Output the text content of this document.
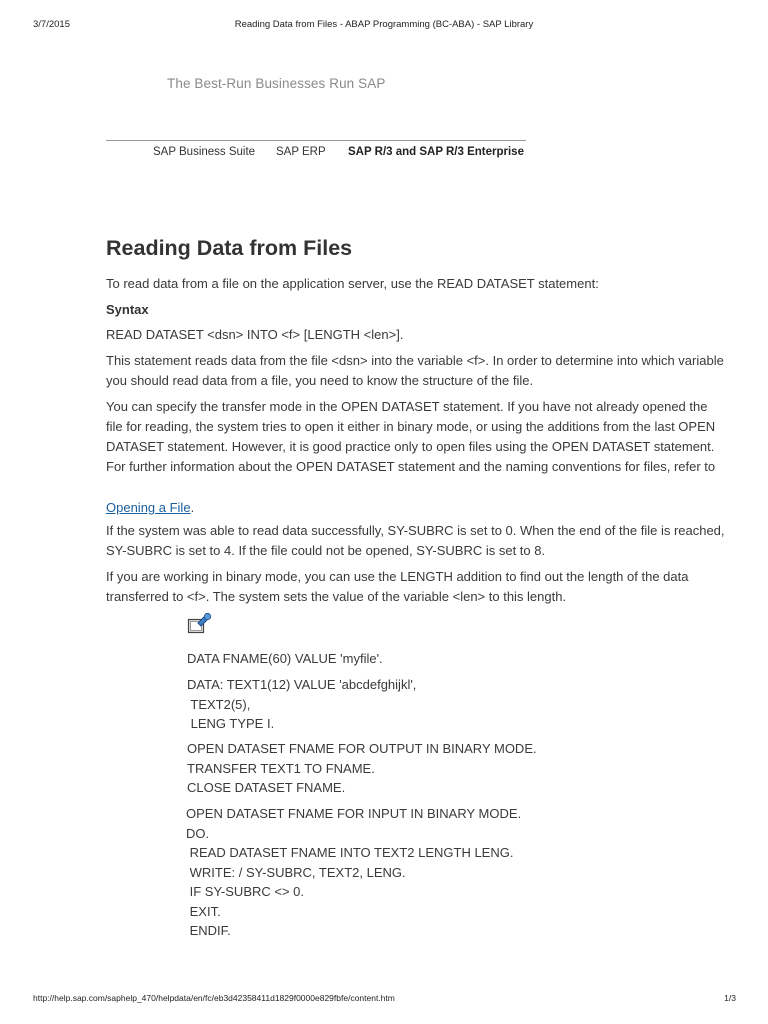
3/7/2015	Reading Data from Files - ABAP Programming (BC-ABA) - SAP Library
The Best-Run Businesses Run SAP
SAP Business Suite SAP ERP SAP R/3 and SAP R/3 Enterprise
Reading Data from Files
To read data from a file on the application server, use the READ DATASET statement:
Syntax
READ DATASET <dsn> INTO <f> [LENGTH <len>].
This statement reads data from the file <dsn> into the variable <f>. In order to determine into which variable you should read data from a file, you need to know the structure of the file.
You can specify the transfer mode in the OPEN DATASET statement. If you have not already opened the file for reading, the system tries to open it either in binary mode, or using the additions from the last OPEN DATASET statement. However, it is good practice only to open files using the OPEN DATASET statement. For further information about the OPEN DATASET statement and the naming conventions for files, refer to
Opening a File.
If the system was able to read data successfully, SY-SUBRC is set to 0. When the end of the file is reached, SY-SUBRC is set to 4. If the file could not be opened, SY-SUBRC is set to 8.
If you are working in binary mode, you can use the LENGTH addition to find out the length of the data transferred to <f>. The system sets the value of the variable <len> to this length.

DATA FNAME(60) VALUE 'myfile'.

DATA: TEXT1(12) VALUE 'abcdefghijkl',

TEXT2(5),

LENG TYPE I.

OPEN DATASET FNAME FOR OUTPUT IN BINARY MODE.

TRANSFER TEXT1 TO FNAME.

CLOSE DATASET FNAME.

OPEN DATASET FNAME FOR INPUT IN BINARY MODE.

DO.

READ DATASET FNAME INTO TEXT2 LENGTH LENG.

WRITE: / SY-SUBRC, TEXT2, LENG.

IF SY-SUBRC <> 0.

EXIT.

ENDIF.

http://help.sap.com/saphelp_470/helpdata/en/fc/eb3d42358411d1829f0000e829fbfe/content.htm	1/3
